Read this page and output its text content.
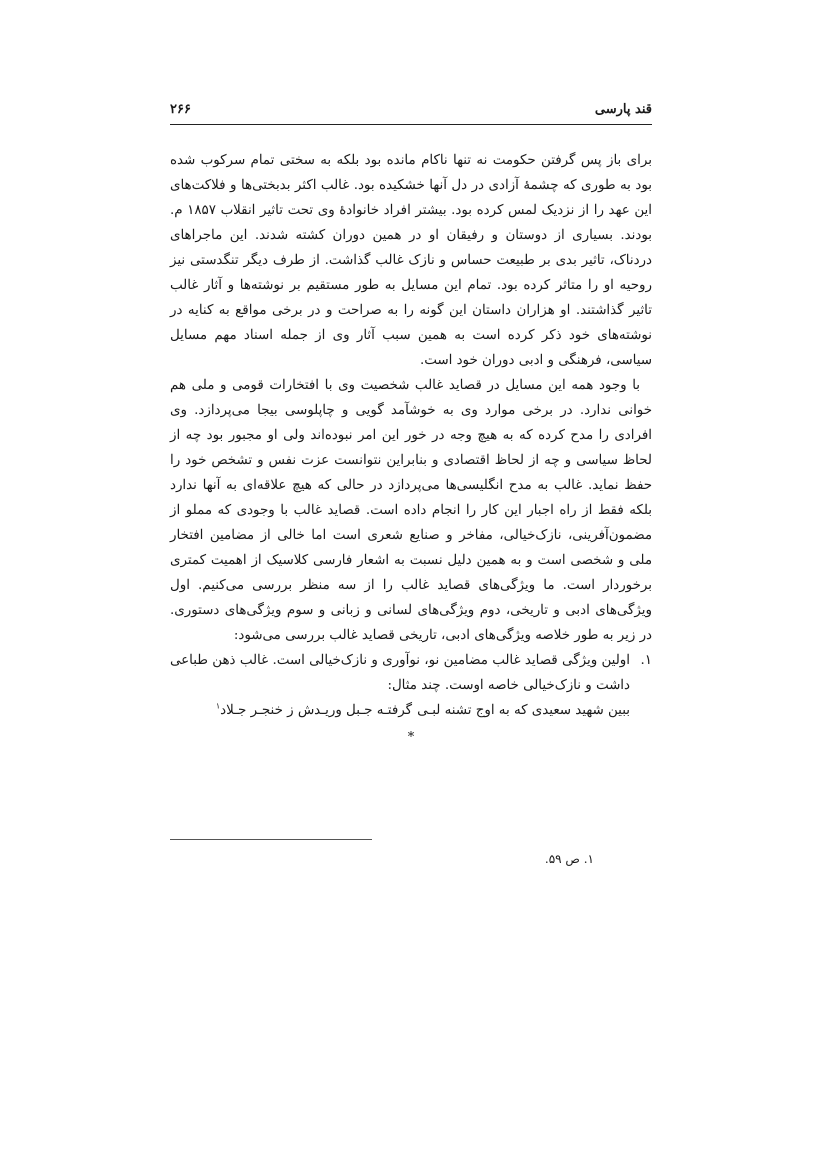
قند پارسی
۲۶۶

برای باز پس گرفتن حکومت نه تنها ناکام مانده بود بلکه به سختی تمام سرکوب شده بود به طوری که چشمهٔ آزادی در دل آنها خشکیده بود. غالب اکثر بدبختی‌ها و فلاکت‌های این عهد را از نزدیک لمس کرده بود. بیشتر افراد خانوادهٔ وی تحت تاثیر انقلاب ۱۸۵۷ م. بودند. بسیاری از دوستان و رفیقان او در همین دوران کشته شدند. این ماجراهای دردناک، تاثیر بدی بر طبیعت حساس و نازک غالب گذاشت. از طرف دیگر تنگدستی نیز روحیه او را متاثر کرده بود. تمام این مسایل به طور مستقیم بر نوشته‌ها و آثار غالب تاثیر گذاشتند. او هزاران داستان این گونه را به صراحت و در برخی مواقع به کنایه در نوشته‌های خود ذکر کرده است به همین سبب آثار وی از جمله اسناد مهم مسایل سیاسی، فرهنگی و ادبی دوران خود است.

با وجود همه این مسایل در قصاید غالب شخصیت وی با افتخارات قومی و ملی هم خوانی ندارد. در برخی موارد وی به خوشآمد گویی و چاپلوسی بیجا می‌پردازد. وی افرادی را مدح کرده که به هیچ وجه در خور این امر نبوده‌اند ولی او مجبور بود چه از لحاظ سیاسی و چه از لحاظ اقتصادی و بنابراین نتوانست عزت نفس و تشخص خود را حفظ نماید. غالب به مدح انگلیسی‌ها می‌پردازد در حالی که هیچ علاقه‌ای به آنها ندارد بلکه فقط از راه اجبار این کار را انجام داده است. قصاید غالب با وجودی که مملو از مضمون‌آفرینی، نازک‌خیالی، مفاخر و صنایع شعری است اما خالی از مضامین افتخار ملی و شخصی است و به همین دلیل نسبت به اشعار فارسی کلاسیک از اهمیت کمتری برخوردار است. ما ویژگی‌های قصاید غالب را از سه منظر بررسی می‌کنیم. اول ویژگی‌های ادبی و تاریخی، دوم ویژگی‌های لسانی و زبانی و سوم ویژگی‌های دستوری. در زیر به طور خلاصه ویژگی‌های ادبی، تاریخی قصاید غالب بررسی می‌شود:

۱.
اولین ویژگی قصاید غالب مضامین نو، نوآوری و نازک‌خیالی است. غالب ذهن طباعی داشت و نازک‌خیالی خاصه اوست. چند مثال:
ببین شهید سعیدی که به اوج تشنه لبـی
گرفتـه جـبل وریـدش ز خنجـر جـلاد$^۱$
*
۱. ص ۵۹.
